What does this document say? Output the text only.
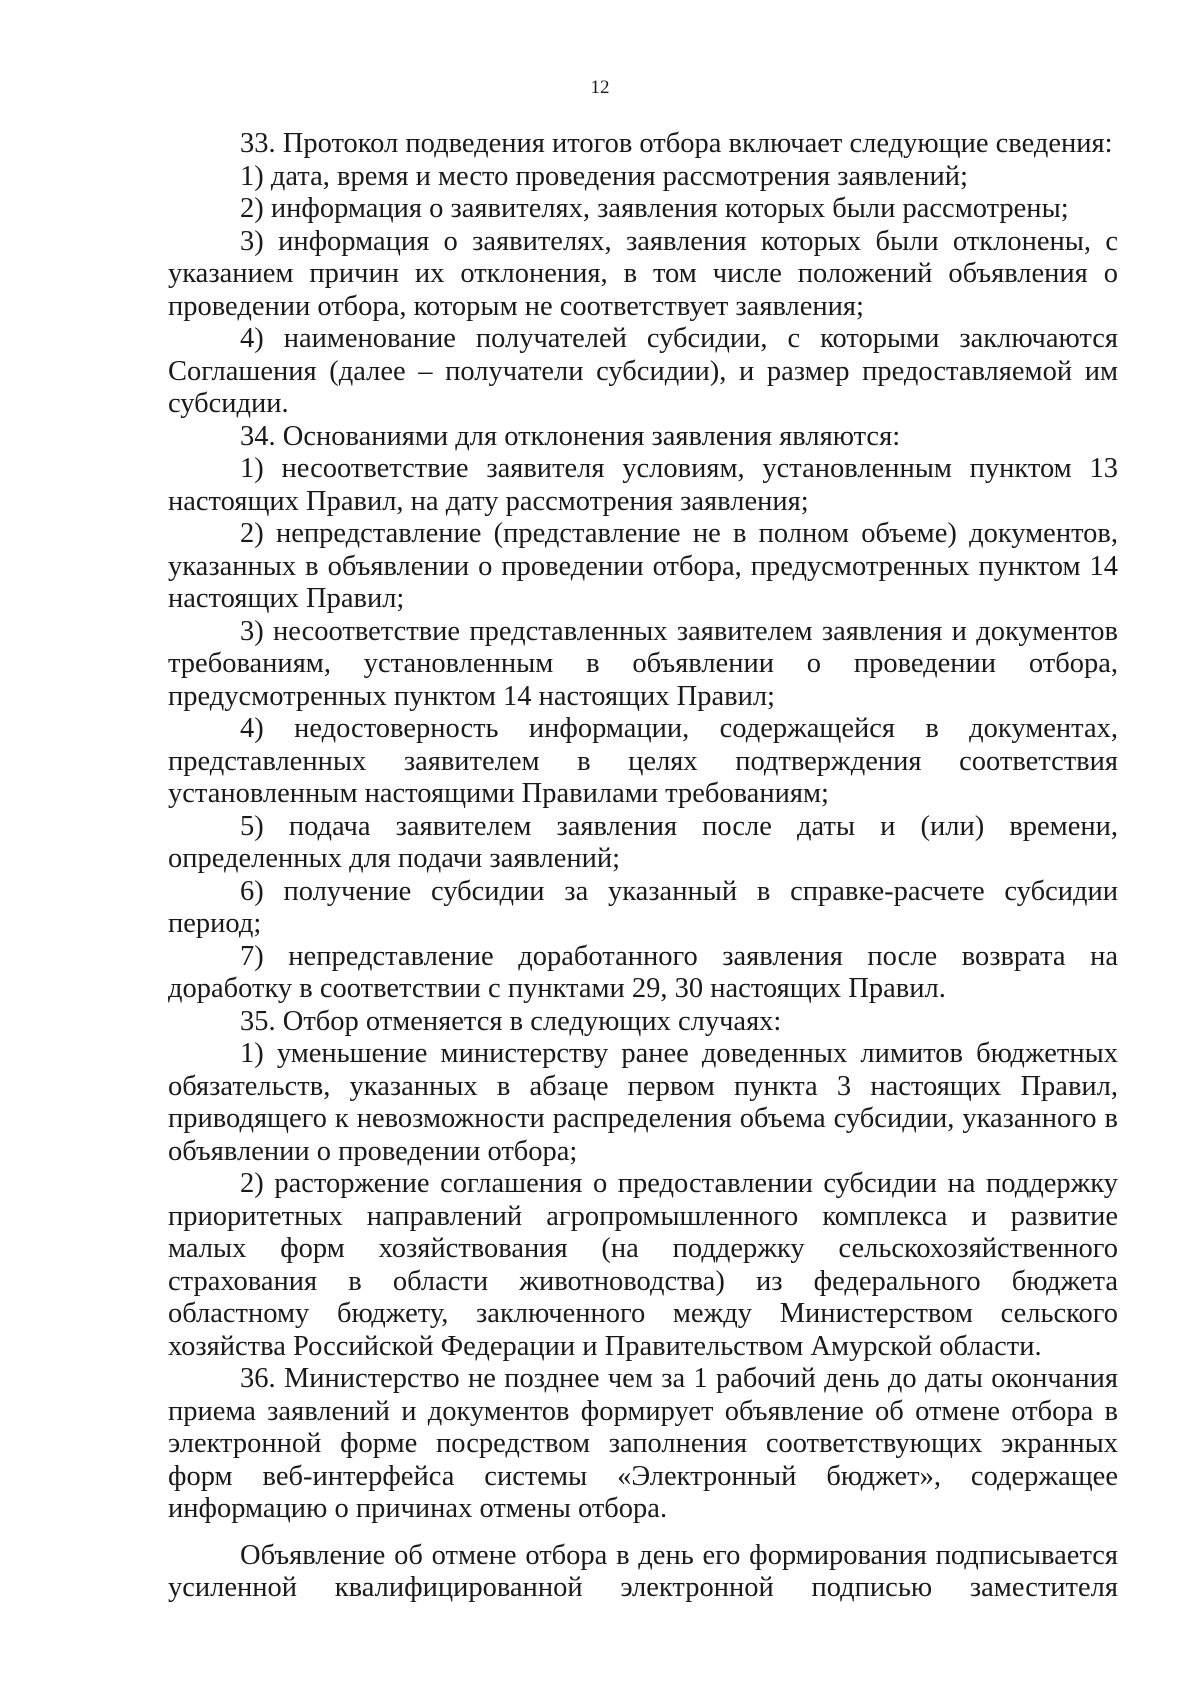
12

33. Протокол подведения итогов отбора включает следующие сведения:

1) дата, время и место проведения рассмотрения заявлений;

2) информация о заявителях, заявления которых были рассмотрены;

3) информация о заявителях, заявления которых были отклонены, с указанием причин их отклонения, в том числе положений объявления о проведении отбора, которым не соответствует заявления;

4) наименование получателей субсидии, с которыми заключаются Соглашения (далее – получатели субсидии), и размер предоставляемой им субсидии.

34. Основаниями для отклонения заявления являются:

1) несоответствие заявителя условиям, установленным пунктом 13 настоящих Правил, на дату рассмотрения заявления;

2) непредставление (представление не в полном объеме) документов, указанных в объявлении о проведении отбора, предусмотренных пунктом 14 настоящих Правил;

3) несоответствие представленных заявителем заявления и документов требованиям, установленным в объявлении о проведении отбора, предусмотренных пунктом 14 настоящих Правил;

4) недостоверность информации, содержащейся в документах, представленных заявителем в целях подтверждения соответствия установленным настоящими Правилами требованиям;

5) подача заявителем заявления после даты и (или) времени, определенных для подачи заявлений;

6) получение субсидии за указанный в справке-расчете субсидии период;

7) непредставление доработанного заявления после возврата на доработку в соответствии с пунктами 29, 30 настоящих Правил.

35. Отбор отменяется в следующих случаях:

1) уменьшение министерству ранее доведенных лимитов бюджетных обязательств, указанных в абзаце первом пункта 3 настоящих Правил, приводящего к невозможности распределения объема субсидии, указанного в объявлении о проведении отбора;

2) расторжение соглашения о предоставлении субсидии на поддержку приоритетных направлений агропромышленного комплекса и развитие малых форм хозяйствования (на поддержку сельскохозяйственного страхования в области животноводства) из федерального бюджета областному бюджету, заключенного между Министерством сельского хозяйства Российской Федерации и Правительством Амурской области.

36. Министерство не позднее чем за 1 рабочий день до даты окончания приема заявлений и документов формирует объявление об отмене отбора в электронной форме посредством заполнения соответствующих экранных форм веб-интерфейса системы «Электронный бюджет», содержащее информацию о причинах отмены отбора.

Объявление об отмене отбора в день его формирования подписывается усиленной квалифицированной электронной подписью заместителя
